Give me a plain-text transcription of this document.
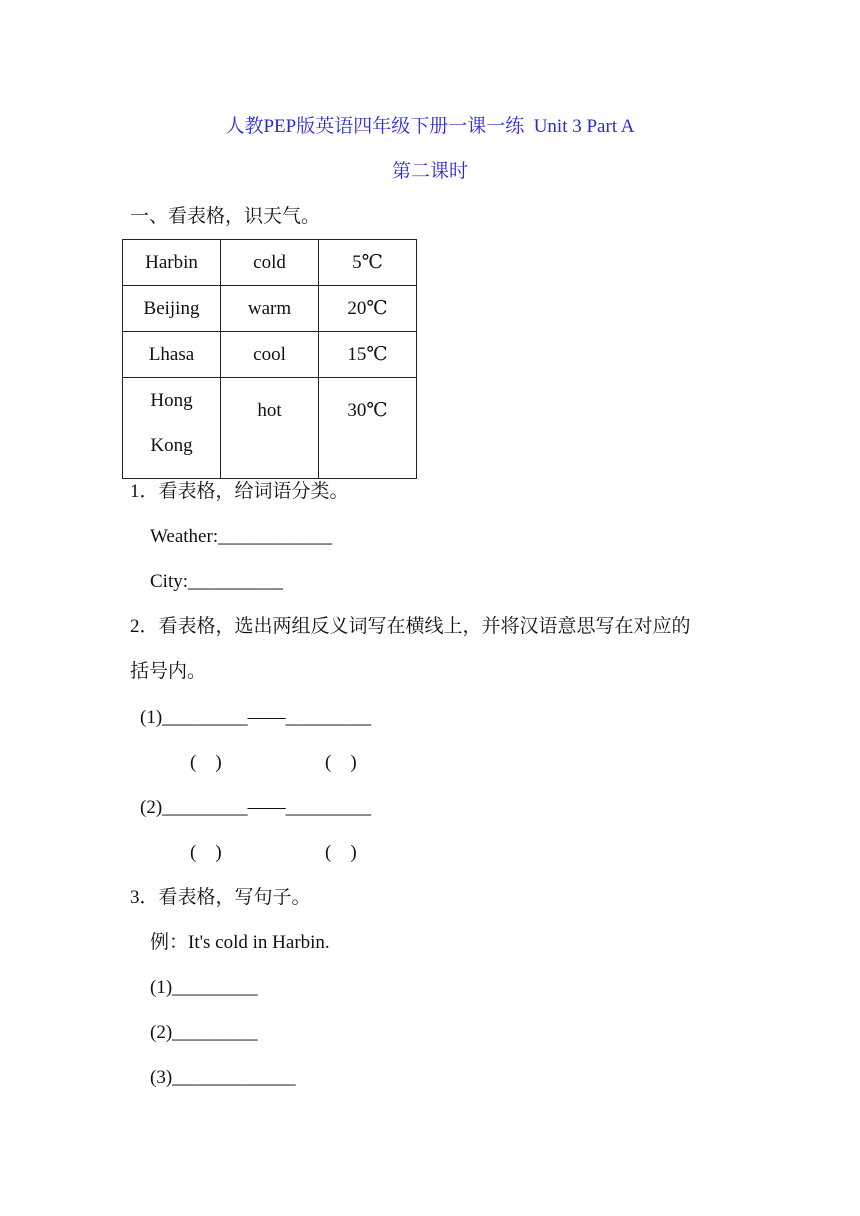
人教PEP版英语四年级下册一课一练  Unit 3 Part A
第二课时
一、看表格，识天气。
Harbin	cold	5℃
Beijing	warm	20℃
Lhasa	cool	15℃

Hong
Kong	hot	30℃
1．看表格，给词语分类。
Weather:____________
City:__________
2．看表格，选出两组反义词写在横线上，并将汉语意思写在对应的
括号内。
(1)_________——_________
(    )	(    )
(2)_________——_________
(    )	(    )
3．看表格，写句子。
例：It's cold in Harbin.
(1)_________
(2)_________
(3)_____________
